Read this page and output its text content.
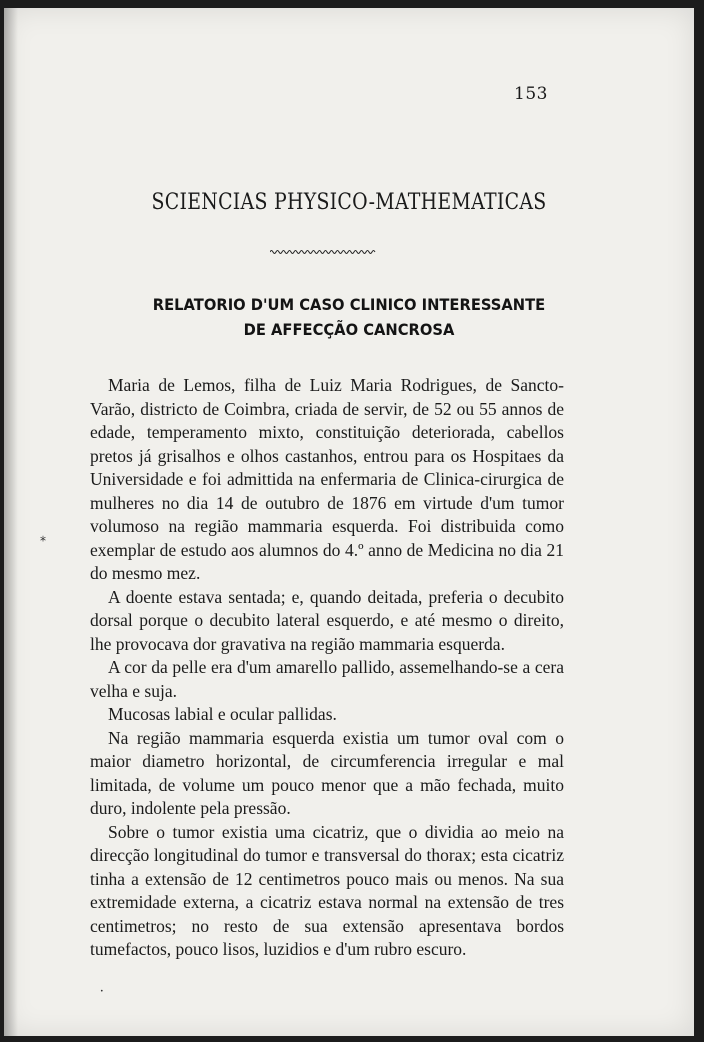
153
SCIENCIAS PHYSICO-MATHEMATICAS
RELATORIO D'UM CASO CLINICO INTERESSANTE
DE AFFECÇÃO CANCROSA

Maria de Lemos, filha de Luiz Maria Rodrigues, de Sancto-Varão, districto de Coimbra, criada de servir, de 52 ou 55 annos de edade, temperamento mixto, constituição deteriorada, cabellos pretos já grisalhos e olhos castanhos, entrou para os Hospitaes da Universidade e foi admittida na enfermaria de Clinica-cirurgica de mulheres no dia 14 de outubro de 1876 em virtude d'um tumor volumoso na região mammaria esquerda. Foi distribuida como exemplar de estudo aos alumnos do 4.º anno de Medicina no dia 21 do mesmo mez.

A doente estava sentada; e, quando deitada, preferia o decubito dorsal porque o decubito lateral esquerdo, e até mesmo o direito, lhe provocava dor gravativa na região mammaria esquerda.

A cor da pelle era d'um amarello pallido, assemelhando-se a cera velha e suja.

Mucosas labial e ocular pallidas.

Na região mammaria esquerda existia um tumor oval com o maior diametro horizontal, de circumferencia irregular e mal limitada, de volume um pouco menor que a mão fechada, muito duro, indolente pela pressão.

Sobre o tumor existia uma cicatriz, que o dividia ao meio na direcção longitudinal do tumor e transversal do thorax; esta cicatriz tinha a extensão de 12 centimetros pouco mais ou menos. Na sua extremidade externa, a cicatriz estava normal na extensão de tres centimetros; no resto de sua extensão apresentava bordos tumefactos, pouco lisos, luzidios e d'um rubro escuro.

⁎
•
